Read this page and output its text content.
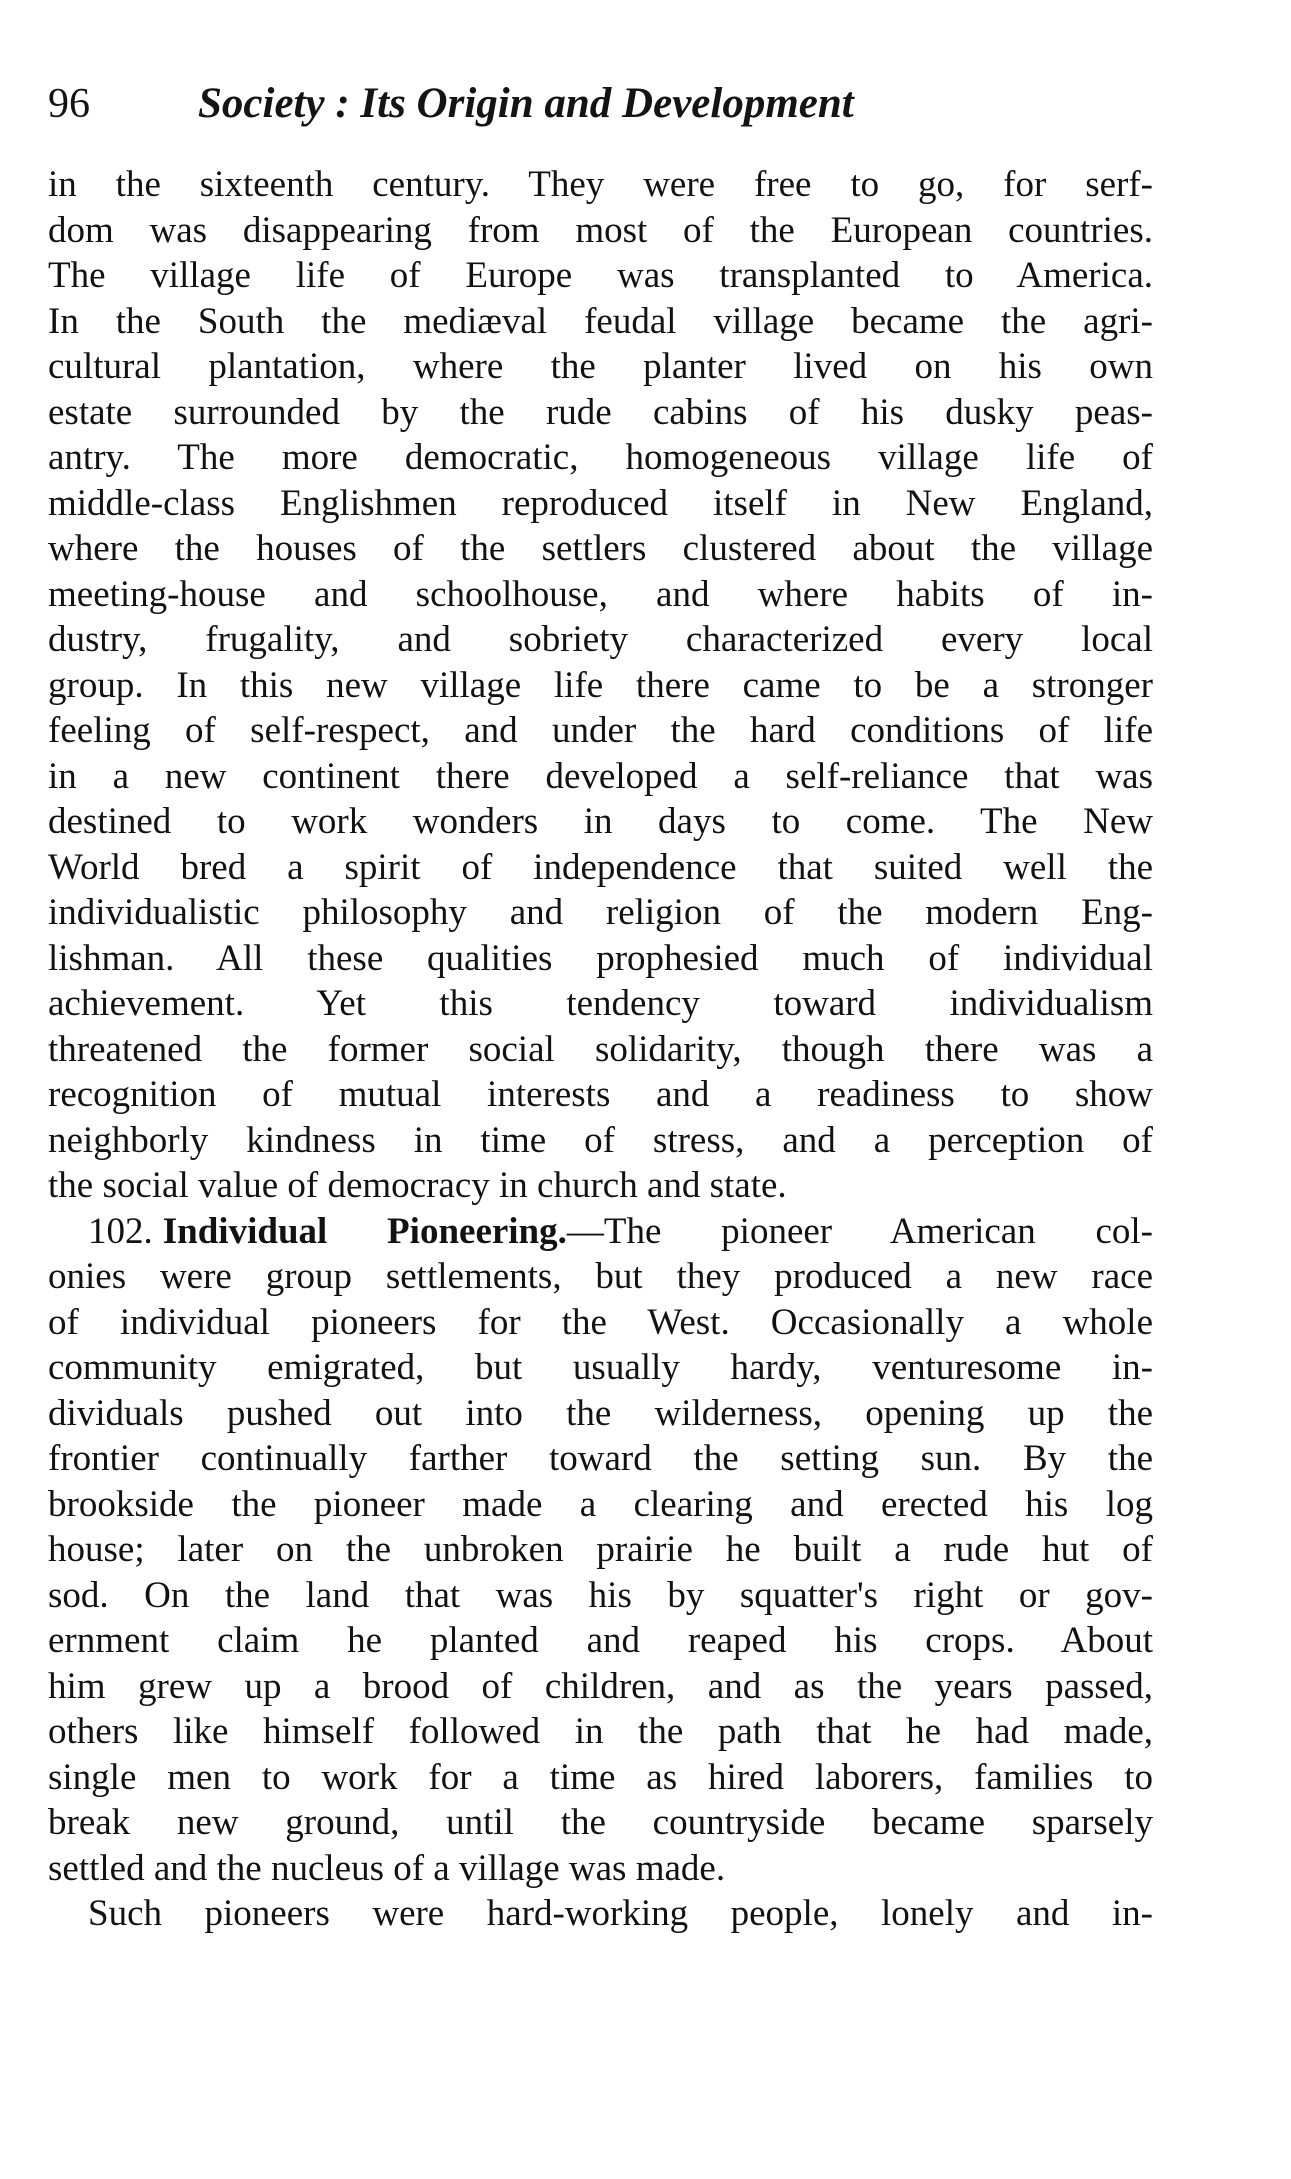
96	Society : Its Origin and Development
in the sixteenth century. They were free to go, for serf-
dom was disappearing from most of the European countries.
The village life of Europe was transplanted to America.
In the South the mediæval feudal village became the agri-
cultural plantation, where the planter lived on his own
estate surrounded by the rude cabins of his dusky peas-
antry. The more democratic, homogeneous village life of
middle-class Englishmen reproduced itself in New England,
where the houses of the settlers clustered about the village
meeting-house and schoolhouse, and where habits of in-
dustry, frugality, and sobriety characterized every local
group. In this new village life there came to be a stronger
feeling of self-respect, and under the hard conditions of life
in a new continent there developed a self-reliance that was
destined to work wonders in days to come. The New
World bred a spirit of independence that suited well the
individualistic philosophy and religion of the modern Eng-
lishman. All these qualities prophesied much of individual
achievement. Yet this tendency toward individualism
threatened the former social solidarity, though there was a
recognition of mutual interests and a readiness to show
neighborly kindness in time of stress, and a perception of
the social value of democracy in church and state.
102. Individual Pioneering.—The pioneer American col-
onies were group settlements, but they produced a new race
of individual pioneers for the West. Occasionally a whole
community emigrated, but usually hardy, venturesome in-
dividuals pushed out into the wilderness, opening up the
frontier continually farther toward the setting sun. By the
brookside the pioneer made a clearing and erected his log
house; later on the unbroken prairie he built a rude hut of
sod. On the land that was his by squatter's right or gov-
ernment claim he planted and reaped his crops. About
him grew up a brood of children, and as the years passed,
others like himself followed in the path that he had made,
single men to work for a time as hired laborers, families to
break new ground, until the countryside became sparsely
settled and the nucleus of a village was made.
Such pioneers were hard-working people, lonely and in-
